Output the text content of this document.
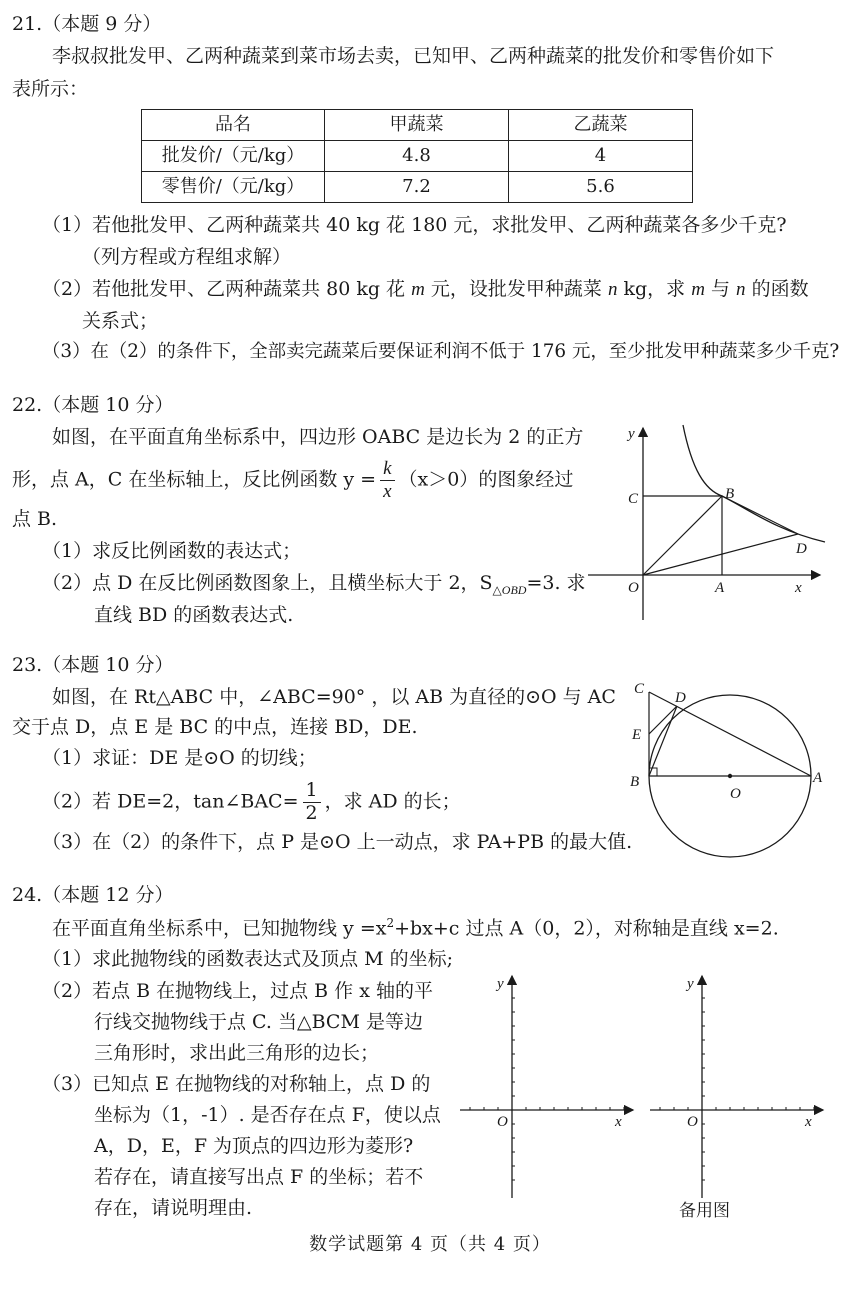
21.（本题 9 分）
李叔叔批发甲、乙两种蔬菜到菜市场去卖，已知甲、乙两种蔬菜的批发价和零售价如下
表所示：
品名	甲蔬菜	乙蔬菜
批发价/（元/kg）	4.8	4
零售价/（元/kg）	7.2	5.6
（1）若他批发甲、乙两种蔬菜共 40 kg 花 180 元，求批发甲、乙两种蔬菜各多少千克?
（列方程或方程组求解）
（2）若他批发甲、乙两种蔬菜共 80 kg 花 m 元，设批发甲种蔬菜 n kg，求 m 与 n 的函数
关系式；
（3）在（2）的条件下，全部卖完蔬菜后要保证利润不低于 176 元，至少批发甲种蔬菜多少千克?
22.（本题 10 分）
如图，在平面直角坐标系中，四边形 OABC 是边长为 2 的正方
形，点 A，C 在坐标轴上，反比例函数 $y = \frac{k}{x} (x>0)$的图象经过
点 B.
（1）求反比例函数的表达式；
（2）点 D 在反比例函数图象上，且横坐标大于 2，$S_{\triangle OBD}=3$. 求
直线 BD 的函数表达式.
y
x
O	A
B
C
D
23.（本题 10 分）
如图，在 Rt△ABC 中，∠ABC=90° ，以 AB 为直径的⊙O 与 AC
交于点 D，点 E 是 BC 的中点，连接 BD，DE.
（1）求证：DE 是⊙O 的切线；
（2）若 DE=2，tan∠BAC= $\frac{1}{2}$ ，求 AD 的长；
（3）在（2）的条件下，点 P 是⊙O 上一动点，求 PA+PB 的最大值.
C
D
E
B
O
A
24.（本题 12 分）
在平面直角坐标系中，已知抛物线 $y =x^2+bx+c$ 过点 A（0，2），对称轴是直线 x=2.
（1）求此抛物线的函数表达式及顶点 M 的坐标;
（2）若点 B 在抛物线上，过点 B 作 x 轴的平
行线交抛物线于点 C. 当△BCM 是等边
三角形时，求出此三角形的边长；
（3）已知点 E 在抛物线的对称轴上，点 D 的
坐标为（1，-1）. 是否存在点 F，使以点
A，D，E，F 为顶点的四边形为菱形?
若存在，请直接写出点 F 的坐标；若不
存在，请说明理由.
y
x
O
y
x
O
备用图
数学试题第 4 页（共 4 页）
